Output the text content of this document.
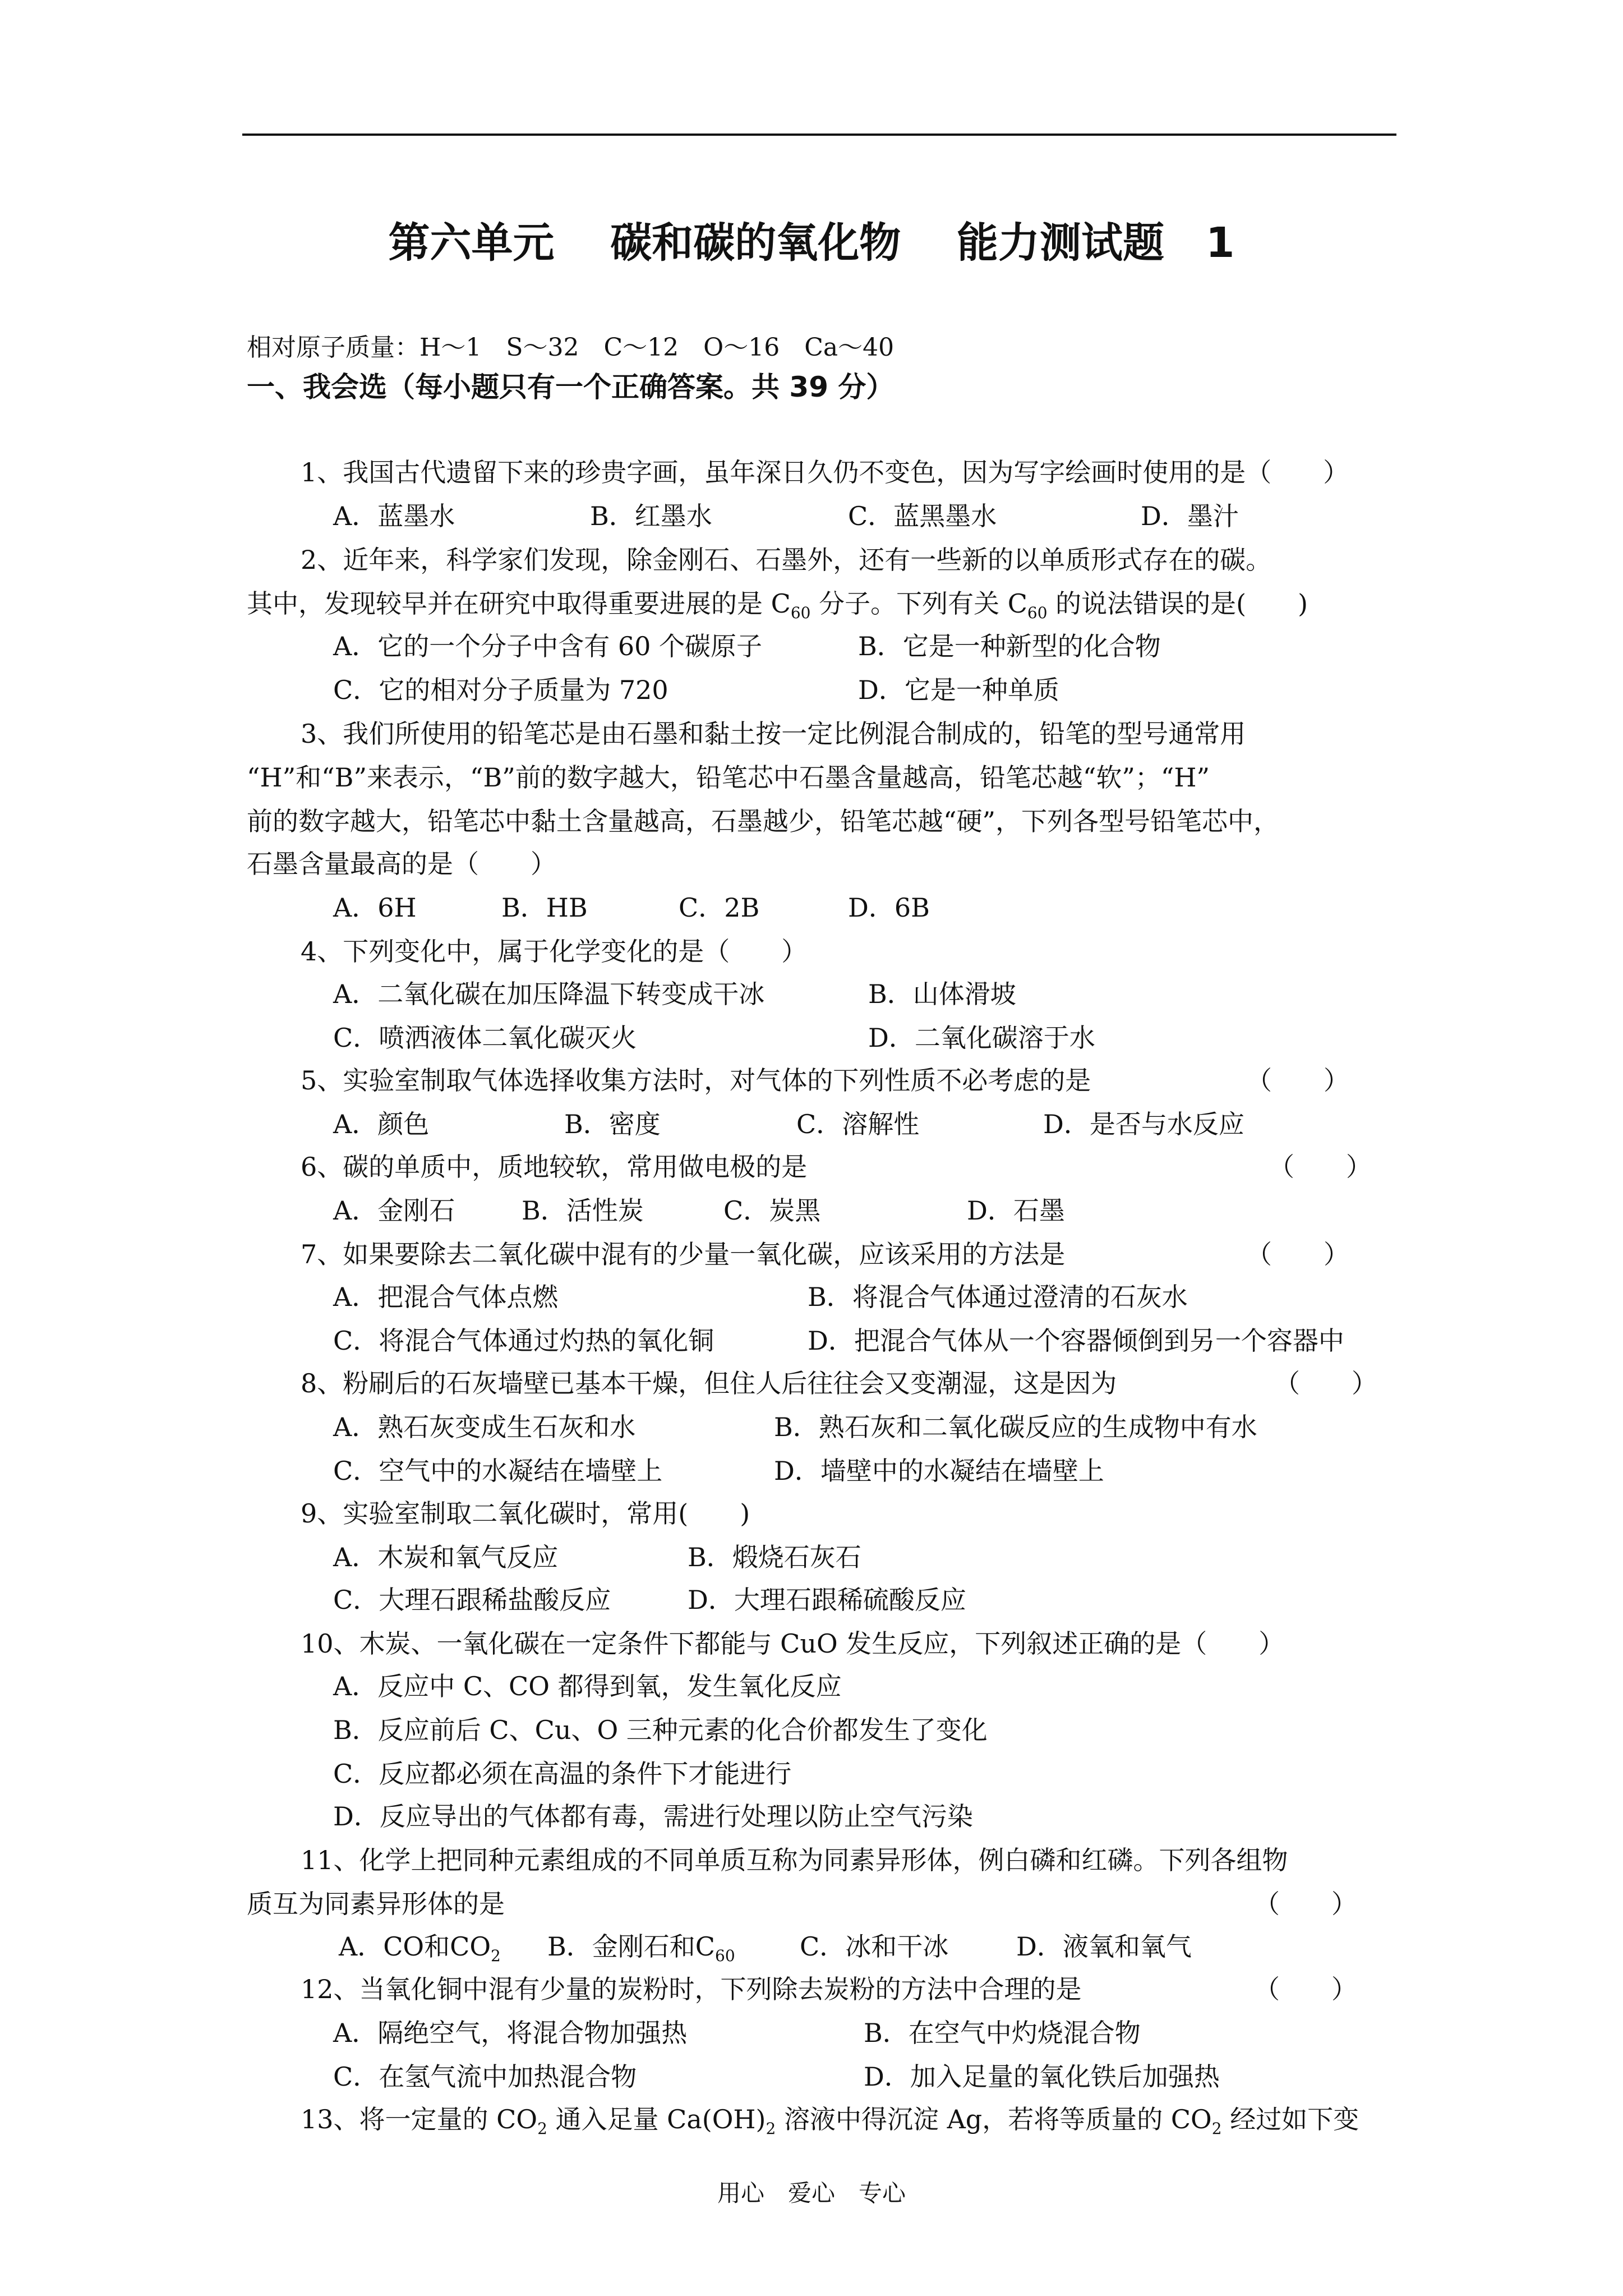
第六单元　 碳和碳的氧化物　 能力测试题　1
相对原子质量：H～1　S～32　C～12　O～16　Ca～40
一、我会选（每小题只有一个正确答案。共 39 分）
1、我国古代遗留下来的珍贵字画，虽年深日久仍不变色，因为写字绘画时使用的是（　　）
A．蓝墨水	B．红墨水	C．蓝黑墨水	D．墨汁
2、近年来，科学家们发现，除金刚石、石墨外，还有一些新的以单质形式存在的碳。
其中，发现较早并在研究中取得重要进展的是 $C_{60}$ 分子。下列有关 $C_{60}$ 的说法错误的是(　　)
A．它的一个分子中含有 60 个碳原子	B．它是一种新型的化合物
C．它的相对分子质量为 720	D．它是一种单质
3、我们所使用的铅笔芯是由石墨和黏土按一定比例混合制成的，铅笔的型号通常用
“H”和“B”来表示，“B”前的数字越大，铅笔芯中石墨含量越高，铅笔芯越“软”；“H”
前的数字越大，铅笔芯中黏土含量越高，石墨越少，铅笔芯越“硬”，下列各型号铅笔芯中，
石墨含量最高的是（　　）
A．6H	B．HB	C．2B	D．6B
4、下列变化中，属于化学变化的是（　　）
A．二氧化碳在加压降温下转变成干冰	B．山体滑坡
C．喷洒液体二氧化碳灭火	D．二氧化碳溶于水
5、实验室制取气体选择收集方法时，对气体的下列性质不必考虑的是	（　　）
A．颜色	B．密度	C．溶解性	D．是否与水反应
6、碳的单质中，质地较软，常用做电极的是	（　　）
A．金刚石	B．活性炭	C．炭黑	D．石墨
7、如果要除去二氧化碳中混有的少量一氧化碳，应该采用的方法是	（　　）
A．把混合气体点燃	B．将混合气体通过澄清的石灰水
C．将混合气体通过灼热的氧化铜	D．把混合气体从一个容器倾倒到另一个容器中
8、粉刷后的石灰墙壁已基本干燥，但住人后往往会又变潮湿，这是因为	（　　）
A．熟石灰变成生石灰和水	B．熟石灰和二氧化碳反应的生成物中有水
C．空气中的水凝结在墙壁上	D．墙壁中的水凝结在墙壁上
9、实验室制取二氧化碳时，常用(　　)
A．木炭和氧气反应	B．煅烧石灰石
C．大理石跟稀盐酸反应	D．大理石跟稀硫酸反应
10、木炭、一氧化碳在一定条件下都能与 CuO 发生反应，下列叙述正确的是（　　）
A．反应中 C、CO 都得到氧，发生氧化反应
B．反应前后 C、Cu、O 三种元素的化合价都发生了变化
C．反应都必须在高温的条件下才能进行
D．反应导出的气体都有毒，需进行处理以防止空气污染
11、化学上把同种元素组成的不同单质互称为同素异形体，例白磷和红磷。下列各组物
质互为同素异形体的是	（　　）
A．CO和$CO_2$ B．金刚石和$C_{60}$	C．冰和干冰	D．液氧和氧气
12、当氧化铜中混有少量的炭粉时，下列除去炭粉的方法中合理的是	（　　）
A．隔绝空气，将混合物加强热	B．在空气中灼烧混合物
C．在氢气流中加热混合物	D．加入足量的氧化铁后加强热
13、将一定量的 $CO_2$ 通入足量 $Ca(OH)_2$ 溶液中得沉淀 Ag，若将等质量的 $CO_2$ 经过如下变
用心　爱心　专心
